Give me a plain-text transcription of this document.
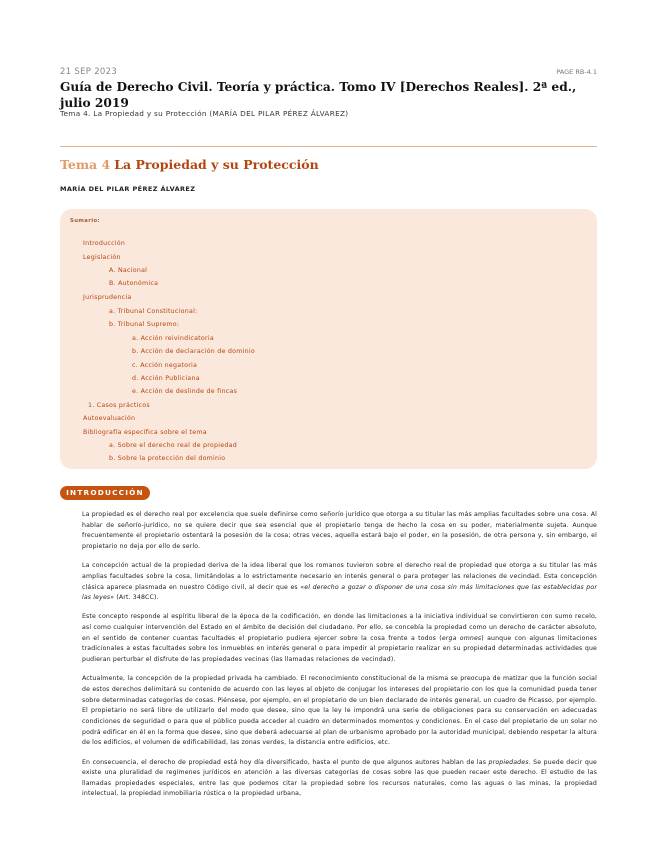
21 SEP 2023	PAGE RB-4.1
Guía de Derecho Civil. Teoría y práctica. Tomo IV [Derechos Reales]. 2ª ed., julio 2019
Tema 4. La Propiedad y su Protección (MARÍA DEL PILAR PÉREZ ÁLVAREZ)
Tema 4 La Propiedad y su Protección
MARÍA DEL PILAR PÉREZ ÁLVAREZ
Sumario:
Introducción
Legislación
A. Nacional
B. Autonómica
Jurisprudencia
a. Tribunal Constitucional:
b. Tribunal Supremo:
a. Acción reivindicatoria
b. Acción de declaración de dominio
c. Acción negatoria
d. Acción Publiciana
e. Acción de deslinde de fincas
1. Casos prácticos
Autoevaluación
Bibliografía específica sobre el tema
a. Sobre el derecho real de propiedad
b. Sobre la protección del dominio
INTRODUCCIÓN

La propiedad es el derecho real por excelencia que suele definirse como señorío jurídico que otorga a su titular las más amplias facultades sobre una cosa. Al hablar de señorío-jurídico, no se quiere decir que sea esencial que el propietario tenga de hecho la cosa en su poder, materialmente sujeta. Aunque frecuentemente el propietario ostentará la posesión de la cosa; otras veces, aquella estará bajo el poder, en la posesión, de otra persona y, sin embargo, el propietario no deja por ello de serlo.

La concepción actual de la propiedad deriva de la idea liberal que los romanos tuvieron sobre el derecho real de propiedad que otorga a su titular las más amplias facultades sobre la cosa, limitándolas a lo estrictamente necesario en interés general o para proteger las relaciones de vecindad. Esta concepción clásica aparece plasmada en nuestro Código civil, al decir que es «el derecho a gozar o disponer de una cosa sin más limitaciones que las establecidas por las leyes» (Art. 348CC).

Este concepto responde al espíritu liberal de la época de la codificación, en donde las limitaciones a la iniciativa individual se convirtieron con sumo recelo, así como cualquier intervención del Estado en el ámbito de decisión del ciudadano. Por ello, se concebía la propiedad como un derecho de carácter absoluto, en el sentido de contener cuantas facultades el propietario pudiera ejercer sobre la cosa frente a todos (erga omnes) aunque con algunas limitaciones tradicionales a estas facultades sobre los inmuebles en interés general o para impedir al propietario realizar en su propiedad determinadas actividades que pudieran perturbar el disfrute de las propiedades vecinas (las llamadas relaciones de vecindad).

Actualmente, la concepción de la propiedad privada ha cambiado. El reconocimiento constitucional de la misma se preocupa de matizar que la función social de estos derechos delimitará su contenido de acuerdo con las leyes al objeto de conjugar los intereses del propietario con los que la comunidad pueda tener sobre determinadas categorías de cosas. Piénsese, por ejemplo, en el propietario de un bien declarado de interés general, un cuadro de Picasso, por ejemplo. El propietario no será libre de utilizarlo del modo que desee, sino que la ley le impondrá una serie de obligaciones para su conservación en adecuadas condiciones de seguridad o para que el público pueda acceder al cuadro en determinados momentos y condiciones. En el caso del propietario de un solar no podrá edificar en él en la forma que desee, sino que deberá adecuarse al plan de urbanismo aprobado por la autoridad municipal, debiendo respetar la altura de los edificios, el volumen de edificabilidad, las zonas verdes, la distancia entre edificios, etc.

En consecuencia, el derecho de propiedad está hoy día diversificado, hasta el punto de que algunos autores hablan de las propiedades. Se puede decir que existe una pluralidad de regímenes jurídicos en atención a las diversas categorías de cosas sobre las que pueden recaer este derecho. El estudio de las llamadas propiedades especiales, entre las que podemos citar la propiedad sobre los recursos naturales, como las aguas o las minas, la propiedad intelectual, la propiedad inmobiliaria rústica o la propiedad urbana,
